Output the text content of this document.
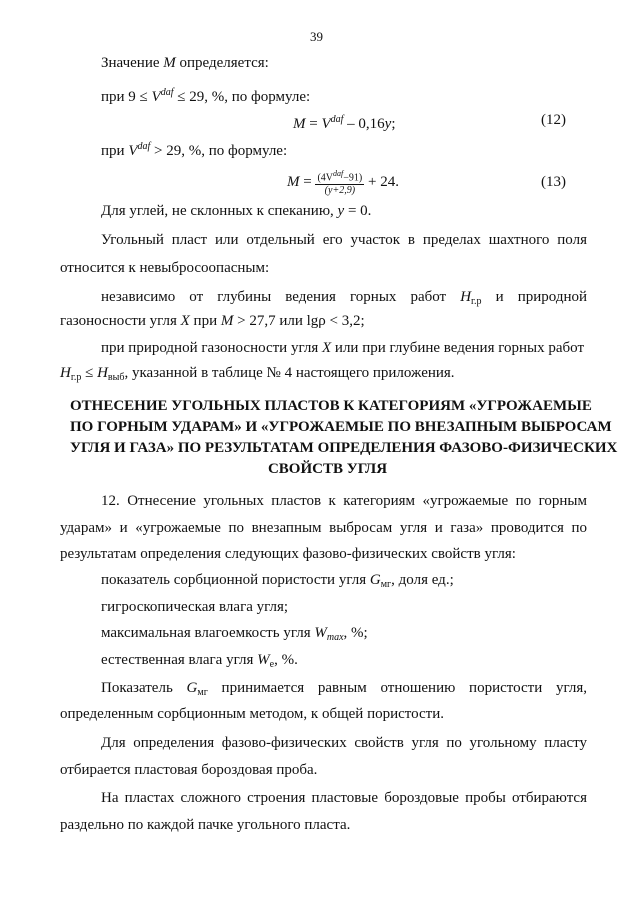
39
Значение M определяется:
при $9 \le V^{daf} \le 29$, %, по формуле:
$M = V^{daf} - 0,16y$;	(12)
при $V^{daf} > 29$, %, по формуле:
$M = \frac{(4V^{daf}-91)}{(y+2,9)} + 24$.	(13)
Для углей, не склонных к спеканию, y = 0.
Угольный пласт или отдельный его участок в пределах шахтного поля
относится к невыбросоопасным:
независимо от глубины ведения горных работ $H_{г.р}$ и природной
газоносности угля X при M > 27,7 или lgρ < 3,2;
при природной газоносности угля X или при глубине ведения горных работ
$H_{г.р} \le H_{выб}$, указанной в таблице № 4 настоящего приложения.
ОТНЕСЕНИЕ УГОЛЬНЫХ ПЛАСТОВ К КАТЕГОРИЯМ «УГРОЖАЕМЫЕ
ПО ГОРНЫМ УДАРАМ» И «УГРОЖАЕМЫЕ ПО ВНЕЗАПНЫМ ВЫБРОСАМ
УГЛЯ И ГАЗА» ПО РЕЗУЛЬТАТАМ ОПРЕДЕЛЕНИЯ ФАЗОВО-ФИЗИЧЕСКИХ
СВОЙСТВ УГЛЯ
12. Отнесение угольных пластов к категориям «угрожаемые по горным
ударам» и «угрожаемые по внезапным выбросам угля и газа» проводится по
результатам определения следующих фазово-физических свойств угля:
показатель сорбционной пористости угля $G_{мг}$, доля ед.;
гигроскопическая влага угля;
максимальная влагоемкость угля $W_{max}$, %;
естественная влага угля $W_е$, %.
Показатель $G_{мг}$ принимается равным отношению пористости угля,
определенным сорбционным методом, к общей пористости.
Для определения фазово-физических свойств угля по угольному пласту
отбирается пластовая бороздовая проба.
На пластах сложного строения пластовые бороздовые пробы отбираются
раздельно по каждой пачке угольного пласта.
